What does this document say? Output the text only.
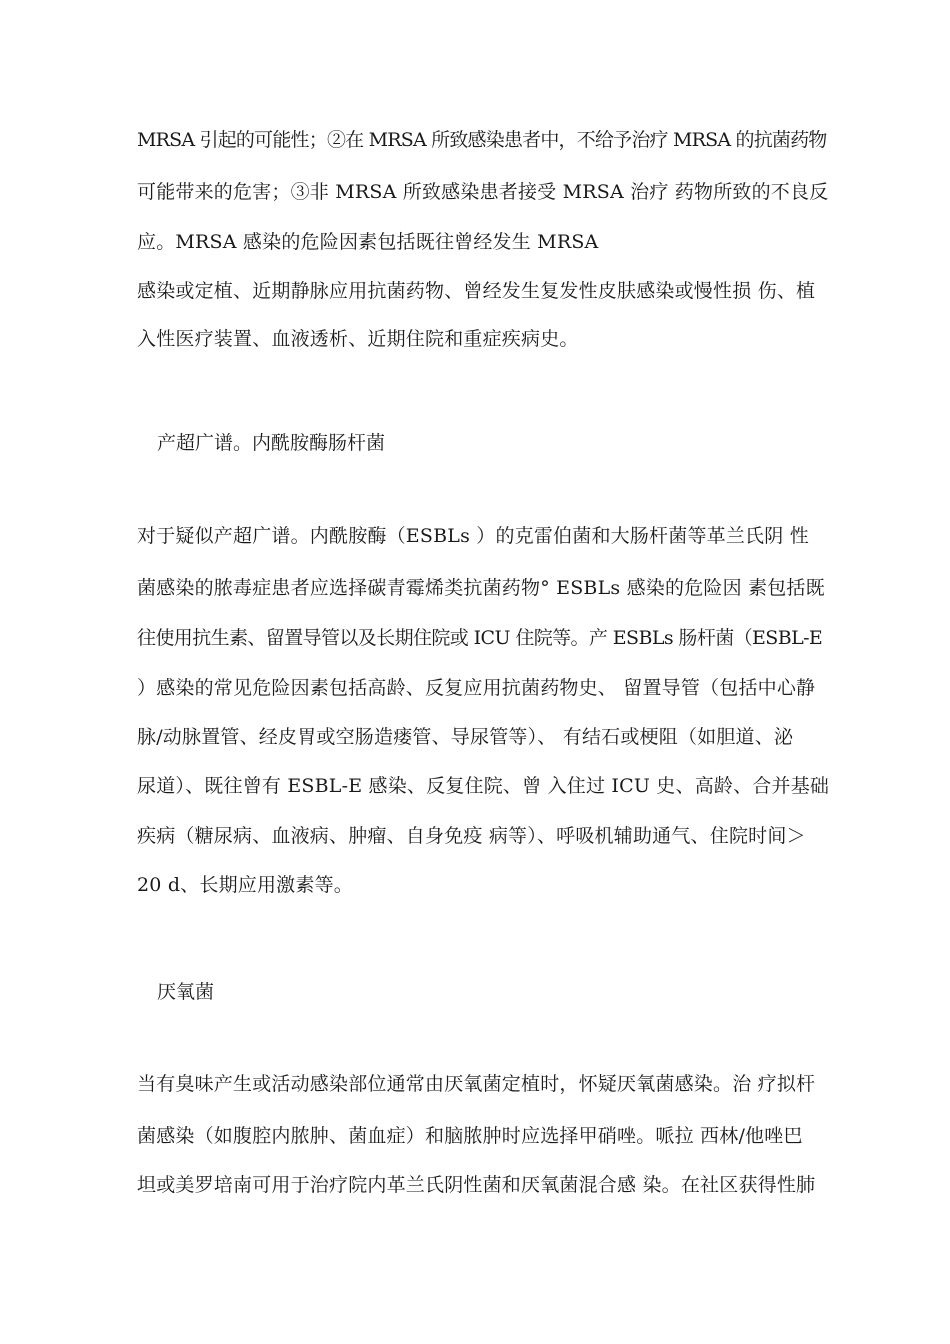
MRSA 引起的可能性；②在 MRSA 所致感染患者中，不给予治疗 MRSA 的抗菌药物
可能带来的危害；③非 MRSA 所致感染患者接受 MRSA 治疗 药物所致的不良反
应。MRSA 感染的危险因素包括既往曾经发生 MRSA
感染或定植、近期静脉应用抗菌药物、曾经发生复发性皮肤感染或慢性损 伤、植
入性医疗装置、血液透析、近期住院和重症疾病史。
产超广谱。内酰胺酶肠杆菌
对于疑似产超广谱。内酰胺酶（ESBLs ）的克雷伯菌和大肠杆菌等革兰氏阴 性
菌感染的脓毒症患者应选择碳青霉烯类抗菌药物° ESBLs 感染的危险因 素包括既
往使用抗生素、留置导管以及长期住院或 ICU 住院等。产 ESBLs 肠杆菌（ESBL-E
）感染的常见危险因素包括高龄、反复应用抗菌药物史、 留置导管（包括中心静
脉/动脉置管、经皮胃或空肠造瘘管、导尿管等）、 有结石或梗阻（如胆道、泌
尿道）、既往曾有 ESBL-E 感染、反复住院、曾 入住过 ICU 史、高龄、合并基础
疾病（糖尿病、血液病、肿瘤、自身免疫 病等）、呼吸机辅助通气、住院时间＞
20 d、长期应用激素等。
厌氧菌
当有臭味产生或活动感染部位通常由厌氧菌定植时，怀疑厌氧菌感染。治 疗拟杆
菌感染（如腹腔内脓肿、菌血症）和脑脓肿时应选择甲硝唑。哌拉 西林/他唑巴
坦或美罗培南可用于治疗院内革兰氏阴性菌和厌氧菌混合感 染。在社区获得性肺
